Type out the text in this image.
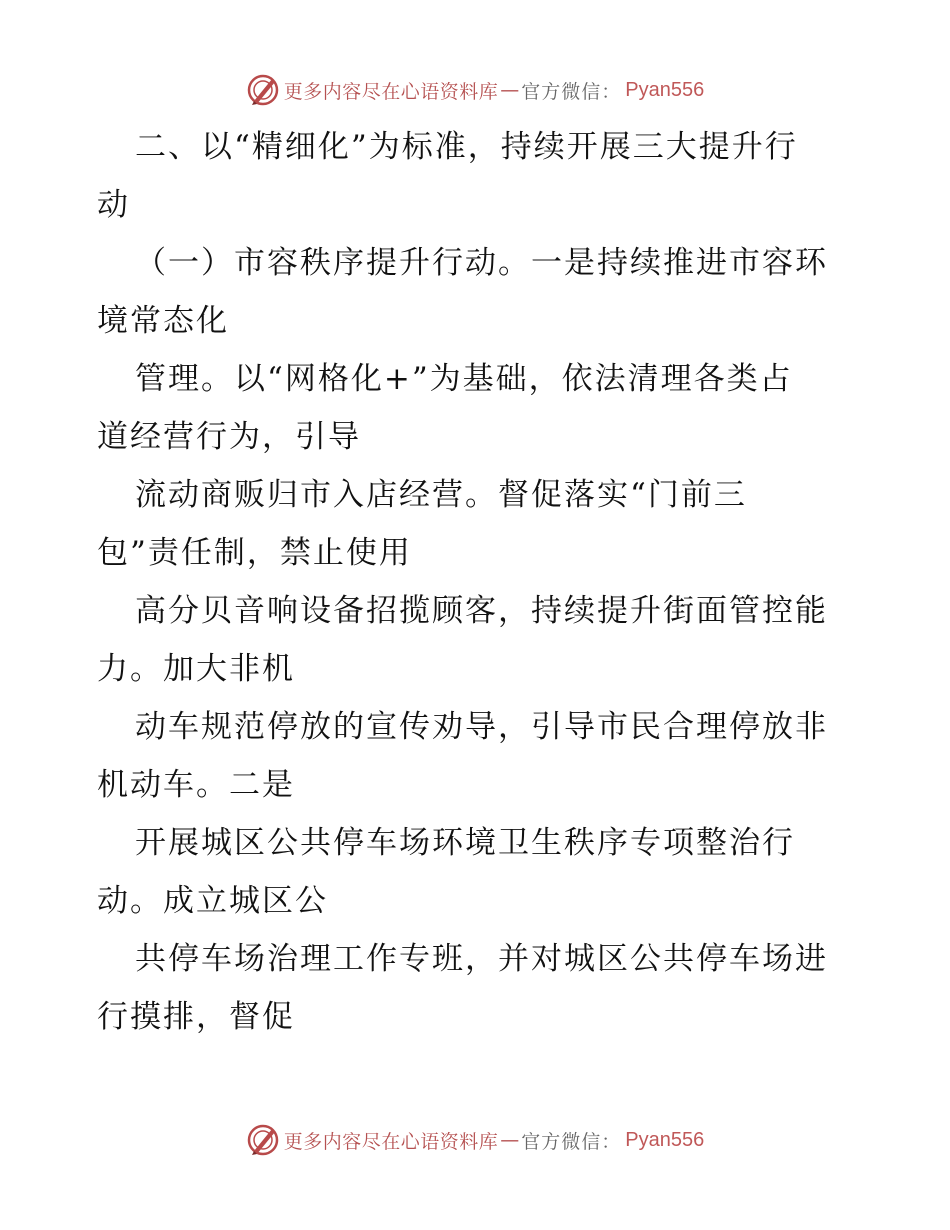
更多内容尽在心语资料库 — 官方微信： Pyan556
二、以“精细化”为标准，持续开展三大提升行
动
（一）市容秩序提升行动。一是持续推进市容环
境常态化
管理。以“网格化+”为基础，依法清理各类占
道经营行为，引导
流动商贩归市入店经营。督促落实“门前三
包”责任制，禁止使用
高分贝音响设备招揽顾客，持续提升街面管控能
力。加大非机
动车规范停放的宣传劝导，引导市民合理停放非
机动车。二是
开展城区公共停车场环境卫生秩序专项整治行
动。成立城区公
共停车场治理工作专班，并对城区公共停车场进
行摸排，督促
更多内容尽在心语资料库 — 官方微信： Pyan556
